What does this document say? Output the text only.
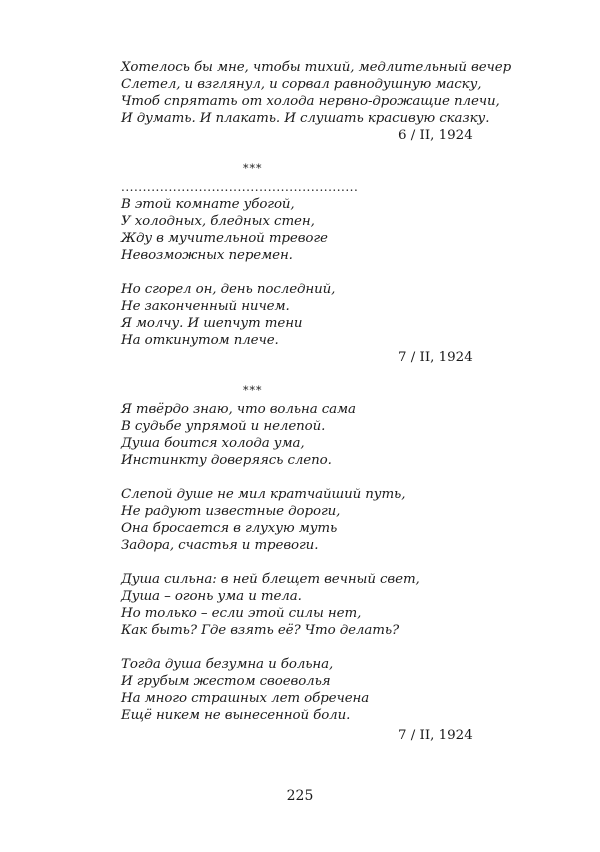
Хотелось бы мне, чтобы тихий, медлительный вечер
Слетел, и взглянул, и сорвал равнодушную маску,
Чтоб спрятать от холода нервно-дрожащие плечи,
И думать. И плакать. И слушать красивую сказку.
6 / II, 1924
***
.......................................................
В этой комнате убогой,
У холодных, бледных стен,
Жду в мучительной тревоге
Невозможных перемен.
Но сгорел он, день последний,
Не законченный ничем.
Я молчу. И шепчут тени
На откинутом плече.
7 / II, 1924
***
Я твёрдо знаю, что вольна сама
В судьбе упрямой и нелепой.
Душа боится холода ума,
Инстинкту доверяясь слепо.
Слепой душе не мил кратчайший путь,
Не радуют известные дороги,
Она бросается в глухую муть
Задора, счастья и тревоги.
Душа сильна: в ней блещет вечный свет,
Душа – огонь ума и тела.
Но только – если этой силы нет,
Как быть? Где взять её? Что делать?
Тогда душа безумна и больна,
И грубым жестом своеволья
На много страшных лет обречена
Ещё никем не вынесенной боли.
7 / II, 1924
225
